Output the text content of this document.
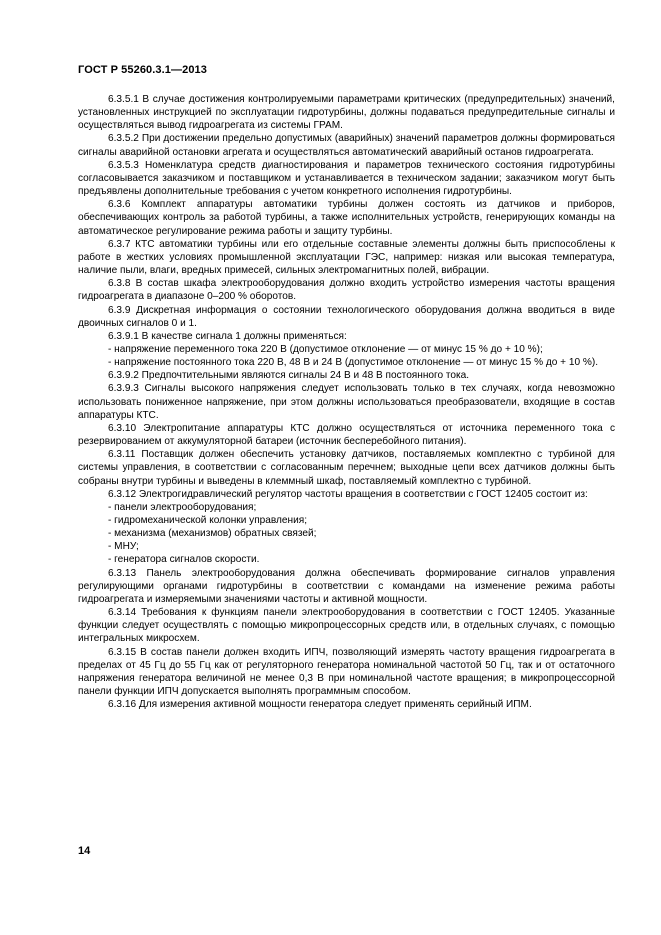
ГОСТ Р 55260.3.1—2013

6.3.5.1 В случае достижения контролируемыми параметрами критических (предупредительных) значений, установленных инструкцией по эксплуатации гидротурбины, должны подаваться предупредительные сигналы и осуществляться вывод гидроагрегата из системы ГРАМ.

6.3.5.2 При достижении предельно допустимых (аварийных) значений параметров должны формироваться сигналы аварийной остановки агрегата и осуществляться автоматический аварийный останов гидроагрегата.

6.3.5.3 Номенклатура средств диагностирования и параметров технического состояния гидротурбины согласовывается заказчиком и поставщиком и устанавливается в техническом задании; заказчиком могут быть предъявлены дополнительные требования с учетом конкретного исполнения гидротурбины.

6.3.6 Комплект аппаратуры автоматики турбины должен состоять из датчиков и приборов, обеспечивающих контроль за работой турбины, а также исполнительных устройств, генерирующих команды на автоматическое регулирование режима работы и защиту турбины.

6.3.7 КТС автоматики турбины или его отдельные составные элементы должны быть приспособлены к работе в жестких условиях промышленной эксплуатации ГЭС, например: низкая или высокая температура, наличие пыли, влаги, вредных примесей, сильных электромагнитных полей, вибрации.

6.3.8 В состав шкафа электрооборудования должно входить устройство измерения частоты вращения гидроагрегата в диапазоне 0–200 % оборотов.

6.3.9 Дискретная информация о состоянии технологического оборудования должна вводиться в виде двоичных сигналов 0 и 1.

6.3.9.1 В качестве сигнала 1 должны применяться:

- напряжение переменного тока 220 В (допустимое отклонение — от минус 15 % до + 10 %);

- напряжение постоянного тока 220 В, 48 В и 24 В (допустимое отклонение — от минус 15 % до + 10 %).

6.3.9.2 Предпочтительными являются сигналы 24 В и 48 В постоянного тока.

6.3.9.3 Сигналы высокого напряжения следует использовать только в тех случаях, когда невозможно использовать пониженное напряжение, при этом должны использоваться преобразователи, входящие в состав аппаратуры КТС.

6.3.10 Электропитание аппаратуры КТС должно осуществляться от источника переменного тока с резервированием от аккумуляторной батареи (источник бесперебойного питания).

6.3.11 Поставщик должен обеспечить установку датчиков, поставляемых комплектно с турбиной для системы управления, в соответствии с согласованным перечнем; выходные цепи всех датчиков должны быть собраны внутри турбины и выведены в клеммный шкаф, поставляемый комплектно с турбиной.

6.3.12 Электрогидравлический регулятор частоты вращения в соответствии с ГОСТ 12405 состоит из:

- панели электрооборудования;

- гидромеханической колонки управления;

- механизма (механизмов) обратных связей;

- МНУ;

- генератора сигналов скорости.

6.3.13 Панель электрооборудования должна обеспечивать формирование сигналов управления регулирующими органами гидротурбины в соответствии с командами на изменение режима работы гидроагрегата и измеряемыми значениями частоты и активной мощности.

6.3.14 Требования к функциям панели электрооборудования в соответствии с ГОСТ 12405. Указанные функции следует осуществлять с помощью микропроцессорных средств или, в отдельных случаях, с помощью интегральных микросхем.

6.3.15 В состав панели должен входить ИПЧ, позволяющий измерять частоту вращения гидроагрегата в пределах от 45 Гц до 55 Гц как от регуляторного генератора номинальной частотой 50 Гц, так и от остаточного напряжения генератора величиной не менее 0,3 В при номинальной частоте вращения; в микропроцессорной панели функции ИПЧ допускается выполнять программным способом.

6.3.16 Для измерения активной мощности генератора следует применять серийный ИПМ.

14
